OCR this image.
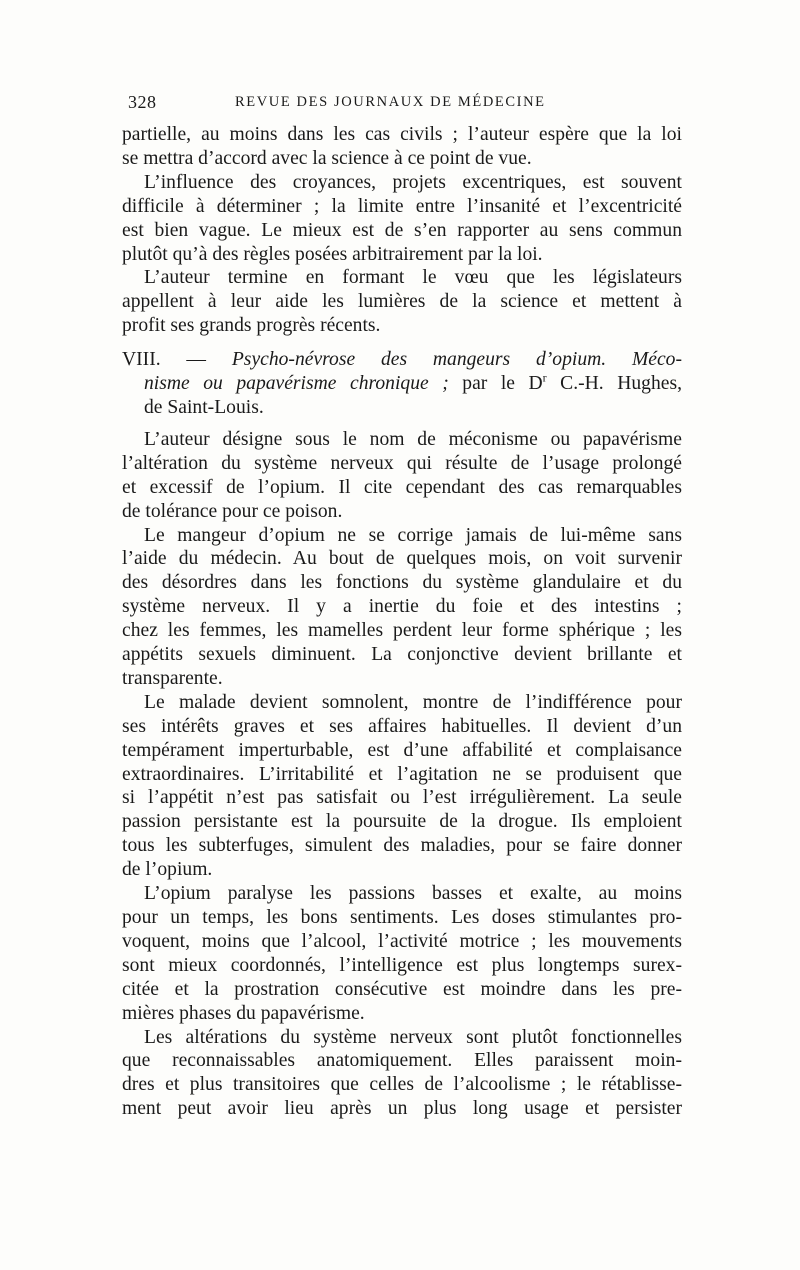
328	REVUE DES JOURNAUX DE MÉDECINE
partielle, au moins dans les cas civils ; l’auteur espère que la loi
se mettra d’accord avec la science à ce point de vue.
L’influence des croyances, projets excentriques, est souvent
difficile à déterminer ; la limite entre l’insanité et l’excentricité
est bien vague. Le mieux est de s’en rapporter au sens commun
plutôt qu’à des règles posées arbitrairement par la loi.
L’auteur termine en formant le vœu que les législateurs
appellent à leur aide les lumières de la science et mettent à
profit ses grands progrès récents.
VIII. — Psycho-névrose des mangeurs d’opium. Méco-
nisme ou papavérisme chronique ; par le $D^r$ C.-H. Hughes,
de Saint-Louis.
L’auteur désigne sous le nom de méconisme ou papavérisme
l’altération du système nerveux qui résulte de l’usage prolongé
et excessif de l’opium. Il cite cependant des cas remarquables
de tolérance pour ce poison.
Le mangeur d’opium ne se corrige jamais de lui-même sans
l’aide du médecin. Au bout de quelques mois, on voit survenir
des désordres dans les fonctions du système glandulaire et du
système nerveux. Il y a inertie du foie et des intestins ;
chez les femmes, les mamelles perdent leur forme sphérique ; les
appétits sexuels diminuent. La conjonctive devient brillante et
transparente.
Le malade devient somnolent, montre de l’indifférence pour
ses intérêts graves et ses affaires habituelles. Il devient d’un
tempérament imperturbable, est d’une affabilité et complaisance
extraordinaires. L’irritabilité et l’agitation ne se produisent que
si l’appétit n’est pas satisfait ou l’est irrégulièrement. La seule
passion persistante est la poursuite de la drogue. Ils emploient
tous les subterfuges, simulent des maladies, pour se faire donner
de l’opium.
L’opium paralyse les passions basses et exalte, au moins
pour un temps, les bons sentiments. Les doses stimulantes pro-
voquent, moins que l’alcool, l’activité motrice ; les mouvements
sont mieux coordonnés, l’intelligence est plus longtemps surex-
citée et la prostration consécutive est moindre dans les pre-
mières phases du papavérisme.
Les altérations du système nerveux sont plutôt fonctionnelles
que reconnaissables anatomiquement. Elles paraissent moin-
dres et plus transitoires que celles de l’alcoolisme ; le rétablisse-
ment peut avoir lieu après un plus long usage et persister
